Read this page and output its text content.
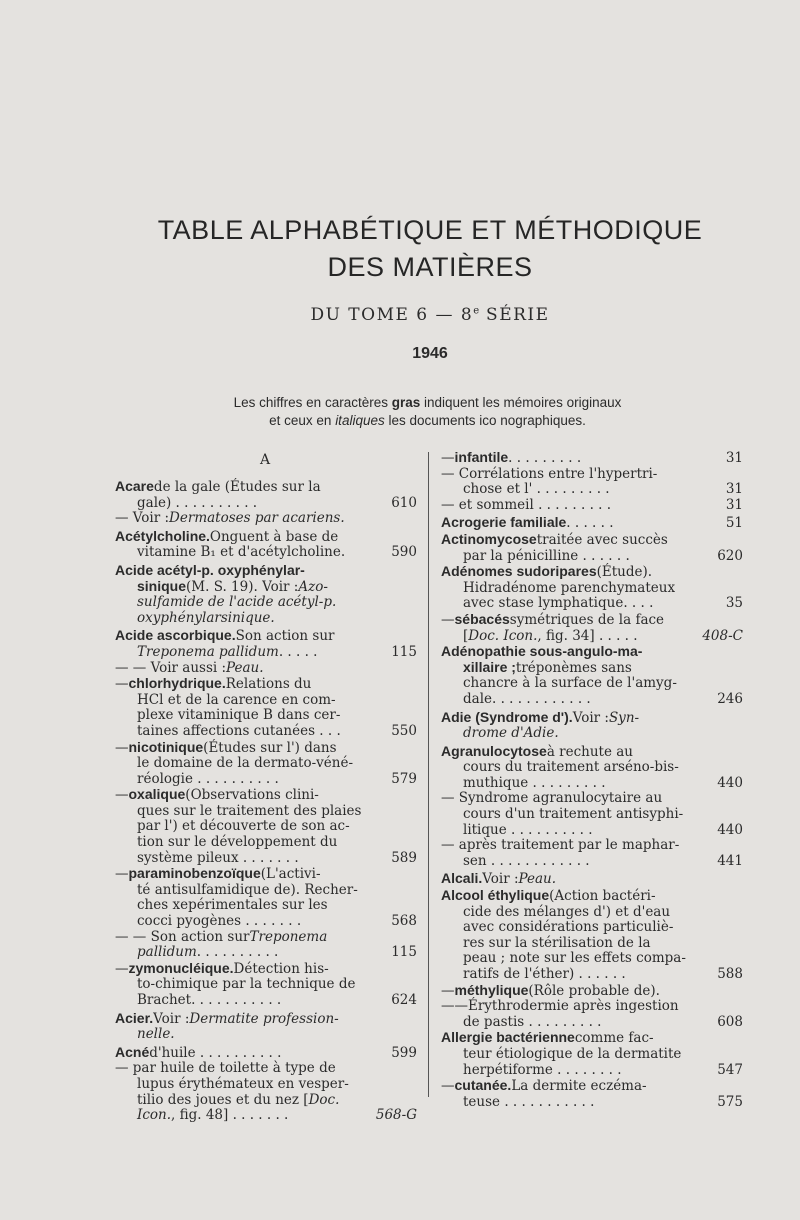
TABLE ALPHABÉTIQUE ET MÉTHODIQUE
DES MATIÈRES
DU TOME 6 — 8e SÉRIE
1946
Les chiffres en caractères gras indiquent les mémoires originaux
et ceux en italiques les documents ico nographiques.
A
Acare de la gale (Études sur la
gale) . . . . . . . . . .	610
— Voir : Dermatoses par acariens.
Acétylcholine. Onguent à base de
vitamine B₁ et d'acétylcholine.	590
Acide acétyl-p. oxyphénylar-
sinique (M. S. 19). Voir : Azo-
sulfamide de l'acide acétyl-p.
oxyphénylarsinique.
Acide ascorbique. Son action sur
Treponema pallidum . . . . .	115
— — Voir aussi : Peau.
— chlorhydrique. Relations du
HCl et de la carence en com-
plexe vitaminique B dans cer-
taines affections cutanées . . .	550
— nicotinique (Études sur l') dans
le domaine de la dermato-véné-
réologie . . . . . . . . . .	579
— oxalique (Observations clini-
ques sur le traitement des plaies
par l') et découverte de son ac-
tion sur le développement du
système pileux . . . . . . .	589
— paraminobenzoïque (L'activi-
té antisulfamidique de). Recher-
ches xepérimentales sur les
cocci pyogènes . . . . . . .	568
— — Son action sur Treponema
pallidum . . . . . . . . . .	115
— zymonucléique. Détection his-
to-chimique par la technique de
Brachet. . . . . . . . . . .	624
Acier. Voir : Dermatite profession-
nelle.
Acné d'huile . . . . . . . . . .	599
— par huile de toilette à type de
lupus érythémateux en vesper-
tilio des joues et du nez [ Doc.
Icon. , fig. 48] . . . . . . .	568-G
— infantile . . . . . . . . .	31
— Corrélations entre l'hypertri-
chose et l' . . . . . . . . .	31
— et sommeil . . . . . . . . .	31
Acrogerie familiale . . . . . .	51
Actinomycose traitée avec succès
par la pénicilline . . . . . .	620
Adénomes sudoripares (Étude).
Hidradénome parenchymateux
avec stase lymphatique. . . .	35
— sébacés symétriques de la face
[ Doc. Icon. , fig. 34] . . . . .	408-C
Adénopathie sous-angulo-ma-
xillaire ; tréponèmes sans
chancre à la surface de l'amyg-
dale. . . . . . . . . . . .	246
Adie (Syndrome d'). Voir : Syn-
drome d'Adie.
Agranulocytose à rechute au
cours du traitement arséno-bis-
muthique . . . . . . . . .	440
— Syndrome agranulocytaire au
cours d'un traitement antisyphi-
litique . . . . . . . . . .	440
— après traitement par le maphar-
sen . . . . . . . . . . . .	441
Alcali. Voir : Peau.
Alcool éthylique (Action bactéri-
cide des mélanges d') et d'eau
avec considérations particuliè-
res sur la stérilisation de la
peau ; note sur les effets compa-
ratifs de l'éther) . . . . . .	588
— méthylique (Rôle probable de).
——Érythrodermie après ingestion
de pastis . . . . . . . . .	608
Allergie bactérienne comme fac-
teur étiologique de la dermatite
herpétiforme . . . . . . . .	547
— cutanée. La dermite eczéma-
teuse . . . . . . . . . . .	575
